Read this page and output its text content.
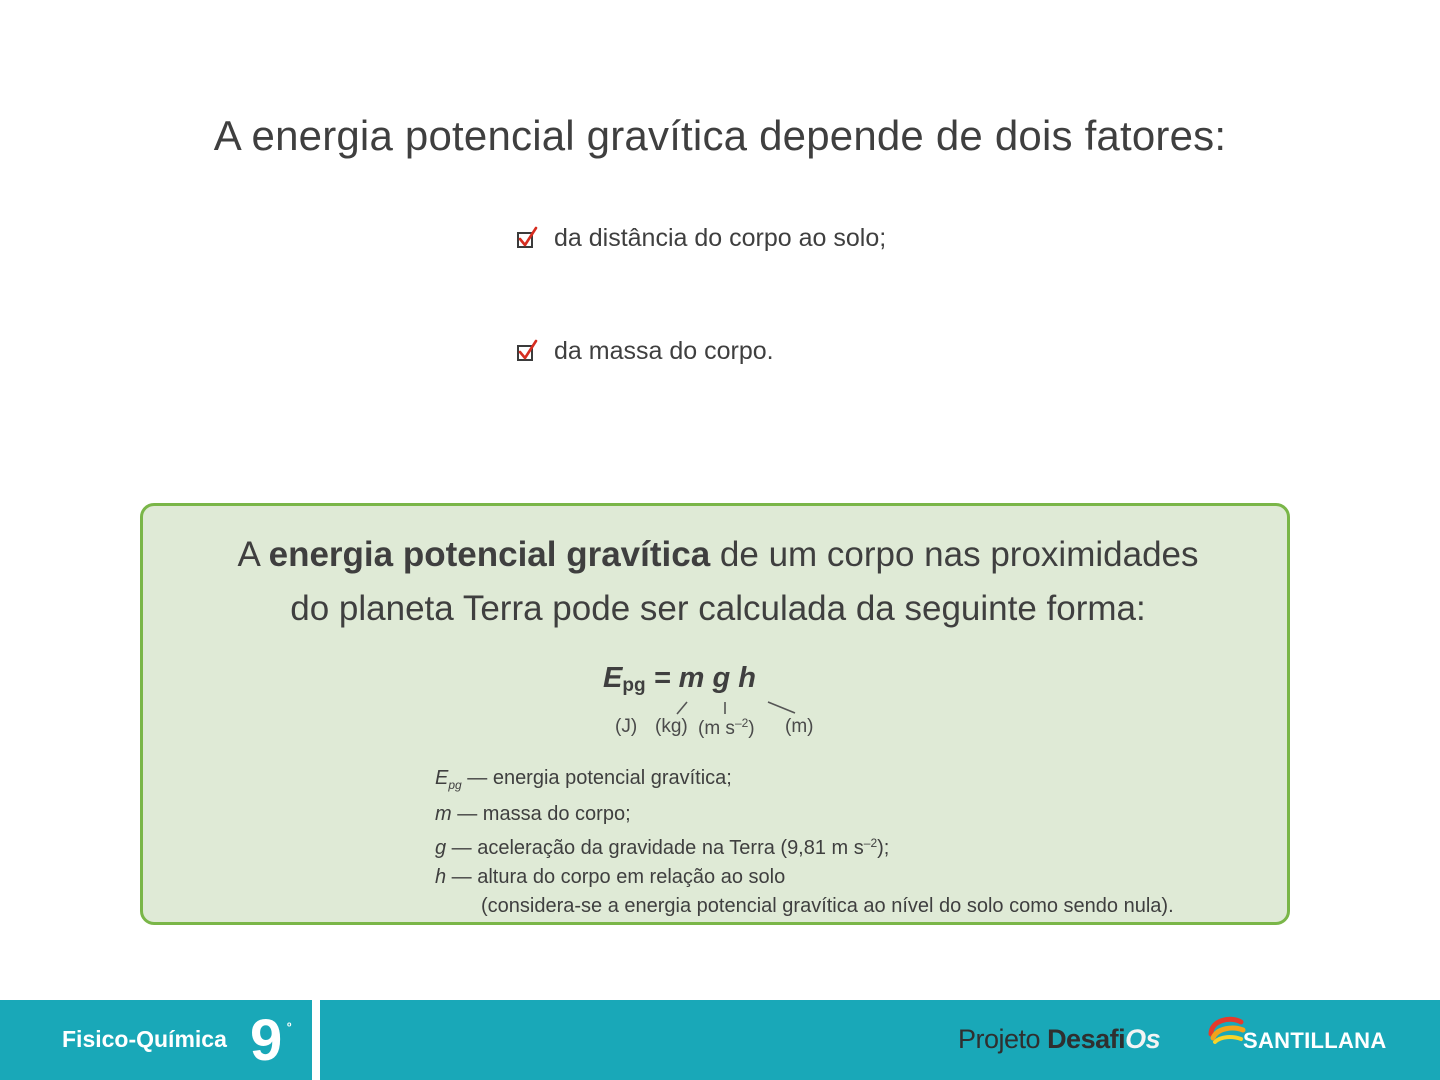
A energia potencial gravítica depende de dois fatores:
da distância do corpo ao solo;
da massa do corpo.
A energia potencial gravítica de um corpo nas proximidades
do planeta Terra pode ser calculada da seguinte forma:
$E_{pg} = m$ g h
(J) (kg) (m $s^{-2}$) (m)
$E_{pg}$ — energia potencial gravítica;
m — massa do corpo;
g — aceleração da gravidade na Terra (9,81 m $s^{-2}$);
h — altura do corpo em relação ao solo
(considera-se a energia potencial gravítica ao nível do solo como sendo nula).
Fisico-Química 9 º	Projeto DesafiOs	SANTILLANA
